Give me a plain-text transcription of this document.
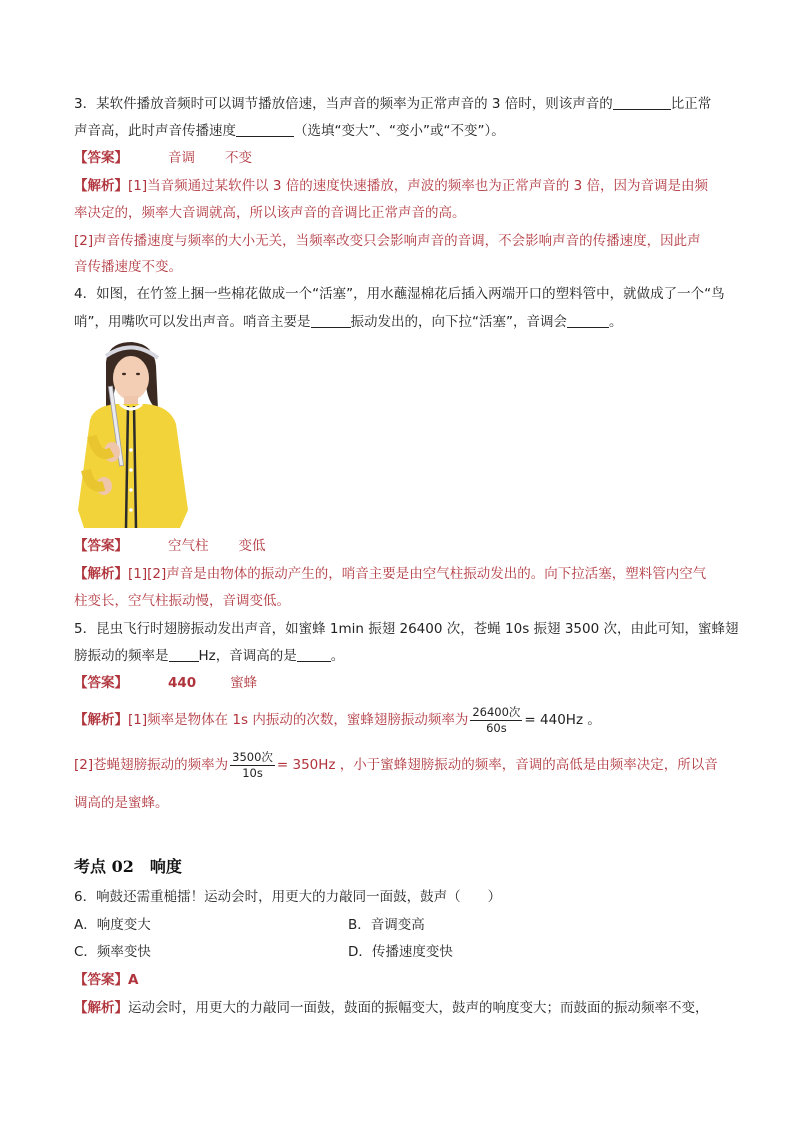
3．某软件播放音频时可以调节播放倍速，当声音的频率为正常声音的 3 倍时，则该声音的	比正常
声音高，此时声音传播速度	（选填“变大”、“变小”或“不变”）。
【答案】	音调 不变
【解析】[1]当音频通过某软件以 3 倍的速度快速播放，声波的频率也为正常声音的 3 倍，因为音调是由频
率决定的，频率大音调就高，所以该声音的音调比正常声音的高。
[2]声音传播速度与频率的大小无关，当频率改变只会影响声音的音调，不会影响声音的传播速度，因此声
音传播速度不变。
4．如图，在竹签上捆一些棉花做成一个“活塞”，用水蘸湿棉花后插入两端开口的塑料管中，就做成了一个“鸟
哨”，用嘴吹可以发出声音。哨音主要是	振动发出的，向下拉“活塞”，音调会	。
【答案】	空气柱 变低
【解析】[1][2]声音是由物体的振动产生的，哨音主要是由空气柱振动发出的。向下拉活塞，塑料管内空气
柱变长，空气柱振动慢，音调变低。
5．昆虫飞行时翅膀振动发出声音，如蜜蜂 1min 振翅 26400 次，苍蝇 10s 振翅 3500 次，由此可知，蜜蜂翅
膀振动的频率是 Hz，音调高的是	。
【答案】	440	蜜蜂
【解析】[1]频率是物体在 1s 内振动的次数，蜜蜂翅膀振动频率为 $\frac{\text{26400次}}{60s} = 440Hz$ 。
[2]苍蝇翅膀振动的频率为 $\frac{\text{3500次}}{10s} = 350Hz$ ，小于蜜蜂翅膀振动的频率，音调的高低是由频率决定，所以音
调高的是蜜蜂。
考点 02　响度
6．响鼓还需重槌擂！运动会时，用更大的力敲同一面鼓，鼓声（　　）
A．响度变大	B．音调变高
C．频率变快	D．传播速度变快
【答案】A
【解析】运动会时，用更大的力敲同一面鼓，鼓面的振幅变大，鼓声的响度变大；而鼓面的振动频率不变，
